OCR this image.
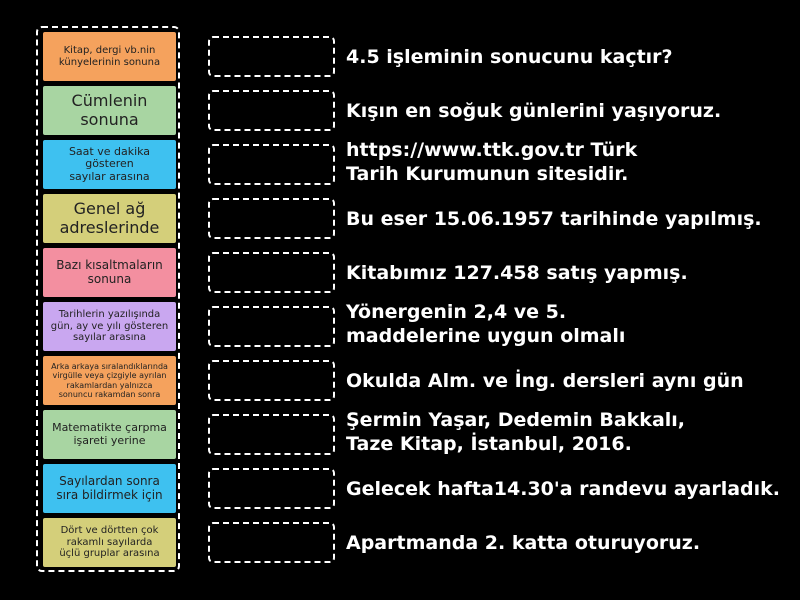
Kitap, dergi vb.nin
künyelerinin sonuna
Cümlenin
sonuna
Saat ve dakika
gösteren
sayılar arasına
Genel ağ
adreslerinde
Bazı kısaltmaların
sonuna
Tarihlerin yazılışında
gün, ay ve yılı gösteren
sayılar arasına
Arka arkaya sıralandıklarında
virgülle veya çizgiyle ayrılan
rakamlardan yalnızca
sonuncu rakamdan sonra
Matematikte çarpma
işareti yerine
Sayılardan sonra
sıra bildirmek için
Dört ve dörtten çok
rakamlı sayılarda
üçlü gruplar arasına
4.5 işleminin sonucunu kaçtır?
Kışın en soğuk günlerini yaşıyoruz.
https://www.ttk.gov.tr Türk
Tarih Kurumunun sitesidir.
Bu eser 15.06.1957 tarihinde yapılmış.
Kitabımız 127.458 satış yapmış.
Yönergenin 2,4 ve 5.
maddelerine uygun olmalı
Okulda Alm. ve İng. dersleri aynı gün
Şermin Yaşar, Dedemin Bakkalı,
Taze Kitap, İstanbul, 2016.
Gelecek hafta14.30'a randevu ayarladık.
Apartmanda 2. katta oturuyoruz.
